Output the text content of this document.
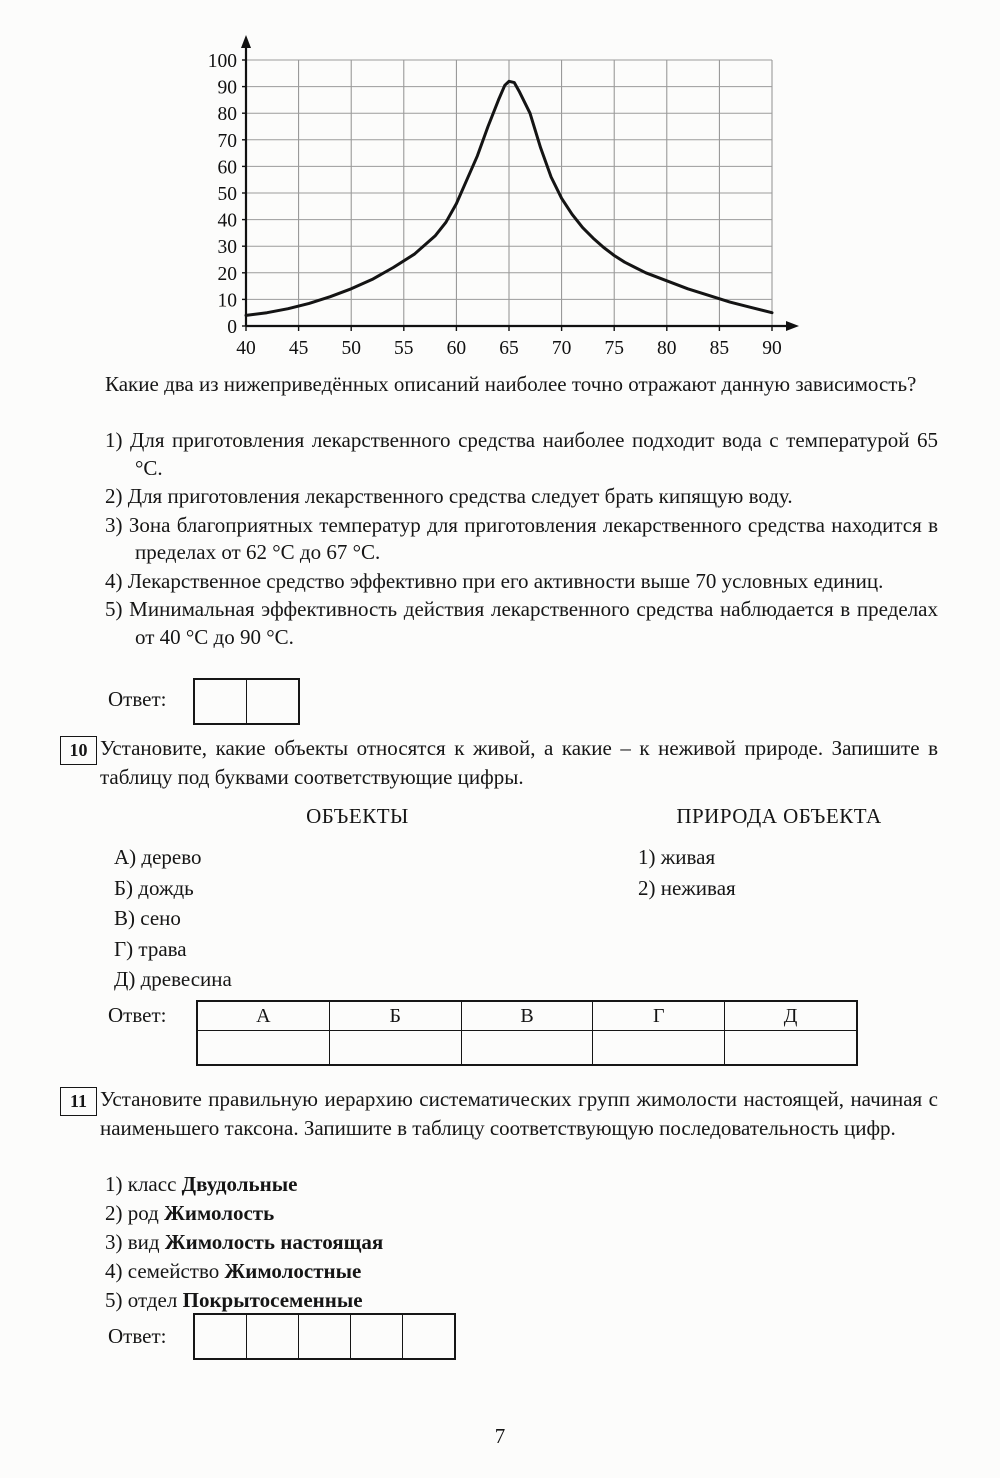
40 45 50 55 60 65 70 75 80 85 90
0
10
20
30
40
50
60
70
80
90
100
Какие два из нижеприведённых описаний наиболее точно отражают данную зависимость?
1) Для приготовления лекарственного средства наиболее подходит вода с температурой 65 °С.
2) Для приготовления лекарственного средства следует брать кипящую воду.
3) Зона благоприятных температур для приготовления лекарственного средства находится в пределах от 62 °С до 67 °С.
4) Лекарственное средство эффективно при его активности выше 70 условных единиц.
5) Минимальная эффективность действия лекарственного средства наблюдается в пределах от 40 °С до 90 °С.
Ответ:
10 Установите, какие объекты относятся к живой, а какие – к неживой природе. Запишите в таблицу под буквами соответствующие цифры.
ОБЪЕКТЫ	ПРИРОДА ОБЪЕКТА
А) дерево
Б) дождь
В) сено
Г) трава
Д) древесина
1) живая
2) неживая
Ответ:	А	Б	В	Г	Д
11 Установите правильную иерархию систематических групп жимолости настоящей, начиная с наименьшего таксона. Запишите в таблицу соответствующую последовательность цифр.
1) класс Двудольные
2) род Жимолость
3) вид Жимолость настоящая
4) семейство Жимолостные
5) отдел Покрытосеменные
Ответ:
7
